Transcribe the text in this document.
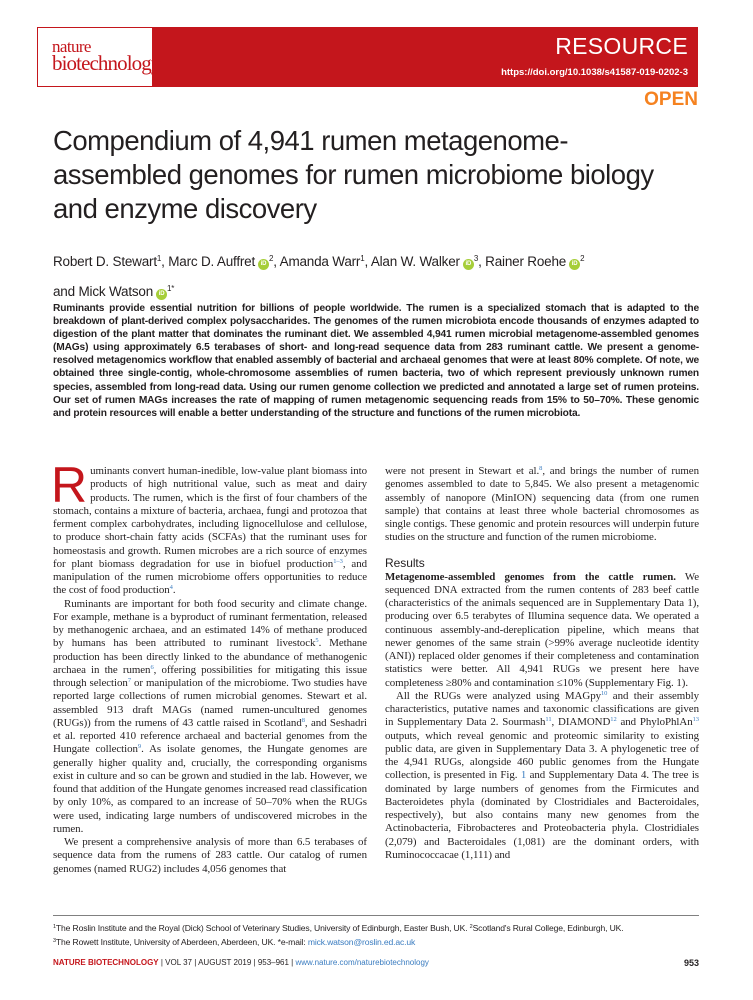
nature
biotechnology
RESOURCE
https://doi.org/10.1038/s41587-019-0202-3
OPEN
Compendium of 4,941 rumen metagenome-assembled genomes for rumen microbiome biology and enzyme discovery
Robert D. Stewart$^1$, Marc D. Auffret $iD^2$, Amanda Warr$^1$, Alan W. Walker $iD^3$, Rainer Roehe $iD^2$
and Mick Watson $iD^{1*}$

Ruminants provide essential nutrition for billions of people worldwide. The rumen is a specialized stomach that is adapted to the breakdown of plant-derived complex polysaccharides. The genomes of the rumen microbiota encode thousands of enzymes adapted to digestion of the plant matter that dominates the ruminant diet. We assembled 4,941 rumen microbial metagenome-assembled genomes (MAGs) using approximately 6.5 terabases of short- and long-read sequence data from 283 ruminant cattle. We present a genome-resolved metagenomics workflow that enabled assembly of bacterial and archaeal genomes that were at least 80% complete. Of note, we obtained three single-contig, whole-chromosome assemblies of rumen bacteria, two of which represent previously unknown rumen species, assembled from long-read data. Using our rumen genome collection we predicted and annotated a large set of rumen proteins. Our set of rumen MAGs increases the rate of mapping of rumen metagenomic sequencing reads from 15% to 50–70%. These genomic and protein resources will enable a better understanding of the structure and functions of the rumen microbiota.

Ruminants convert human-inedible, low-value plant biomass into products of high nutritional value, such as meat and dairy products. The rumen, which is the first of four chambers of the stomach, contains a mixture of bacteria, archaea, fungi and protozoa that ferment complex carbohydrates, including lignocellulose and cellulose, to produce short-chain fatty acids (SCFAs) that the ruminant uses for homeostasis and growth. Rumen microbes are a rich source of enzymes for plant biomass degradation for use in biofuel production$^{1-3}$, and manipulation of the rumen microbiome offers opportunities to reduce the cost of food production$^4$.

Ruminants are important for both food security and climate change. For example, methane is a byproduct of ruminant fermentation, released by methanogenic archaea, and an estimated 14% of methane produced by humans has been attributed to ruminant livestock$^5$. Methane production has been directly linked to the abundance of methanogenic archaea in the rumen$^6$, offering possibilities for mitigating this issue through selection$^7$ or manipulation of the microbiome. Two studies have reported large collections of rumen microbial genomes. Stewart et al. assembled 913 draft MAGs (named rumen-uncultured genomes (RUGs)) from the rumens of 43 cattle raised in Scotland$^8$, and Seshadri et al. reported 410 reference archaeal and bacterial genomes from the Hungate collection$^9$. As isolate genomes, the Hungate genomes are generally higher quality and, crucially, the corresponding organisms exist in culture and so can be grown and studied in the lab. However, we found that addition of the Hungate genomes increased read classification by only 10%, as compared to an increase of 50–70% when the RUGs were used, indicating large numbers of undiscovered microbes in the rumen.

We present a comprehensive analysis of more than 6.5 terabases of sequence data from the rumens of 283 cattle. Our catalog of rumen genomes (named RUG2) includes 4,056 genomes that

were not present in Stewart et al.$^8$, and brings the number of rumen genomes assembled to date to 5,845. We also present a metagenomic assembly of nanopore (MinION) sequencing data (from one rumen sample) that contains at least three whole bacterial chromosomes as single contigs. These genomic and protein resources will underpin future studies on the structure and function of the rumen microbiome.

Results

Metagenome-assembled genomes from the cattle rumen. We sequenced DNA extracted from the rumen contents of 283 beef cattle (characteristics of the animals sequenced are in Supplementary Data 1), producing over 6.5 terabytes of Illumina sequence data. We operated a continuous assembly-and-dereplication pipeline, which means that newer genomes of the same strain (>99% average nucleotide identity (ANI)) replaced older genomes if their completeness and contamination statistics were better. All 4,941 RUGs we present here have completeness ≥80% and contamination ≤10% (Supplementary Fig. 1).

All the RUGs were analyzed using MAGpy$^{10}$ and their assembly characteristics, putative names and taxonomic classifications are given in Supplementary Data 2. Sourmash$^{11}$, DIAMOND$^{12}$ and PhyloPhlAn$^{13}$ outputs, which reveal genomic and proteomic similarity to existing public data, are given in Supplementary Data 3. A phylogenetic tree of the 4,941 RUGs, alongside 460 public genomes from the Hungate collection, is presented in Fig. 1 and Supplementary Data 4. The tree is dominated by large numbers of genomes from the Firmicutes and Bacteroidetes phyla (dominated by Clostridiales and Bacteroidales, respectively), but also contains many new genomes from the Actinobacteria, Fibrobacteres and Proteobacteria phyla. Clostridiales (2,079) and Bacteroidales (1,081) are the dominant orders, with Ruminococcacae (1,111) and

$^1$The Roslin Institute and the Royal (Dick) School of Veterinary Studies, University of Edinburgh, Easter Bush, UK. $^2$Scotland's Rural College, Edinburgh, UK.
$^3$The Rowett Institute, University of Aberdeen, Aberdeen, UK. *e-mail: mick.watson@roslin.ed.ac.uk
NATURE BIOTECHNOLOGY | VOL 37 | AUGUST 2019 | 953–961 | www.nature.com/naturebiotechnology	953
